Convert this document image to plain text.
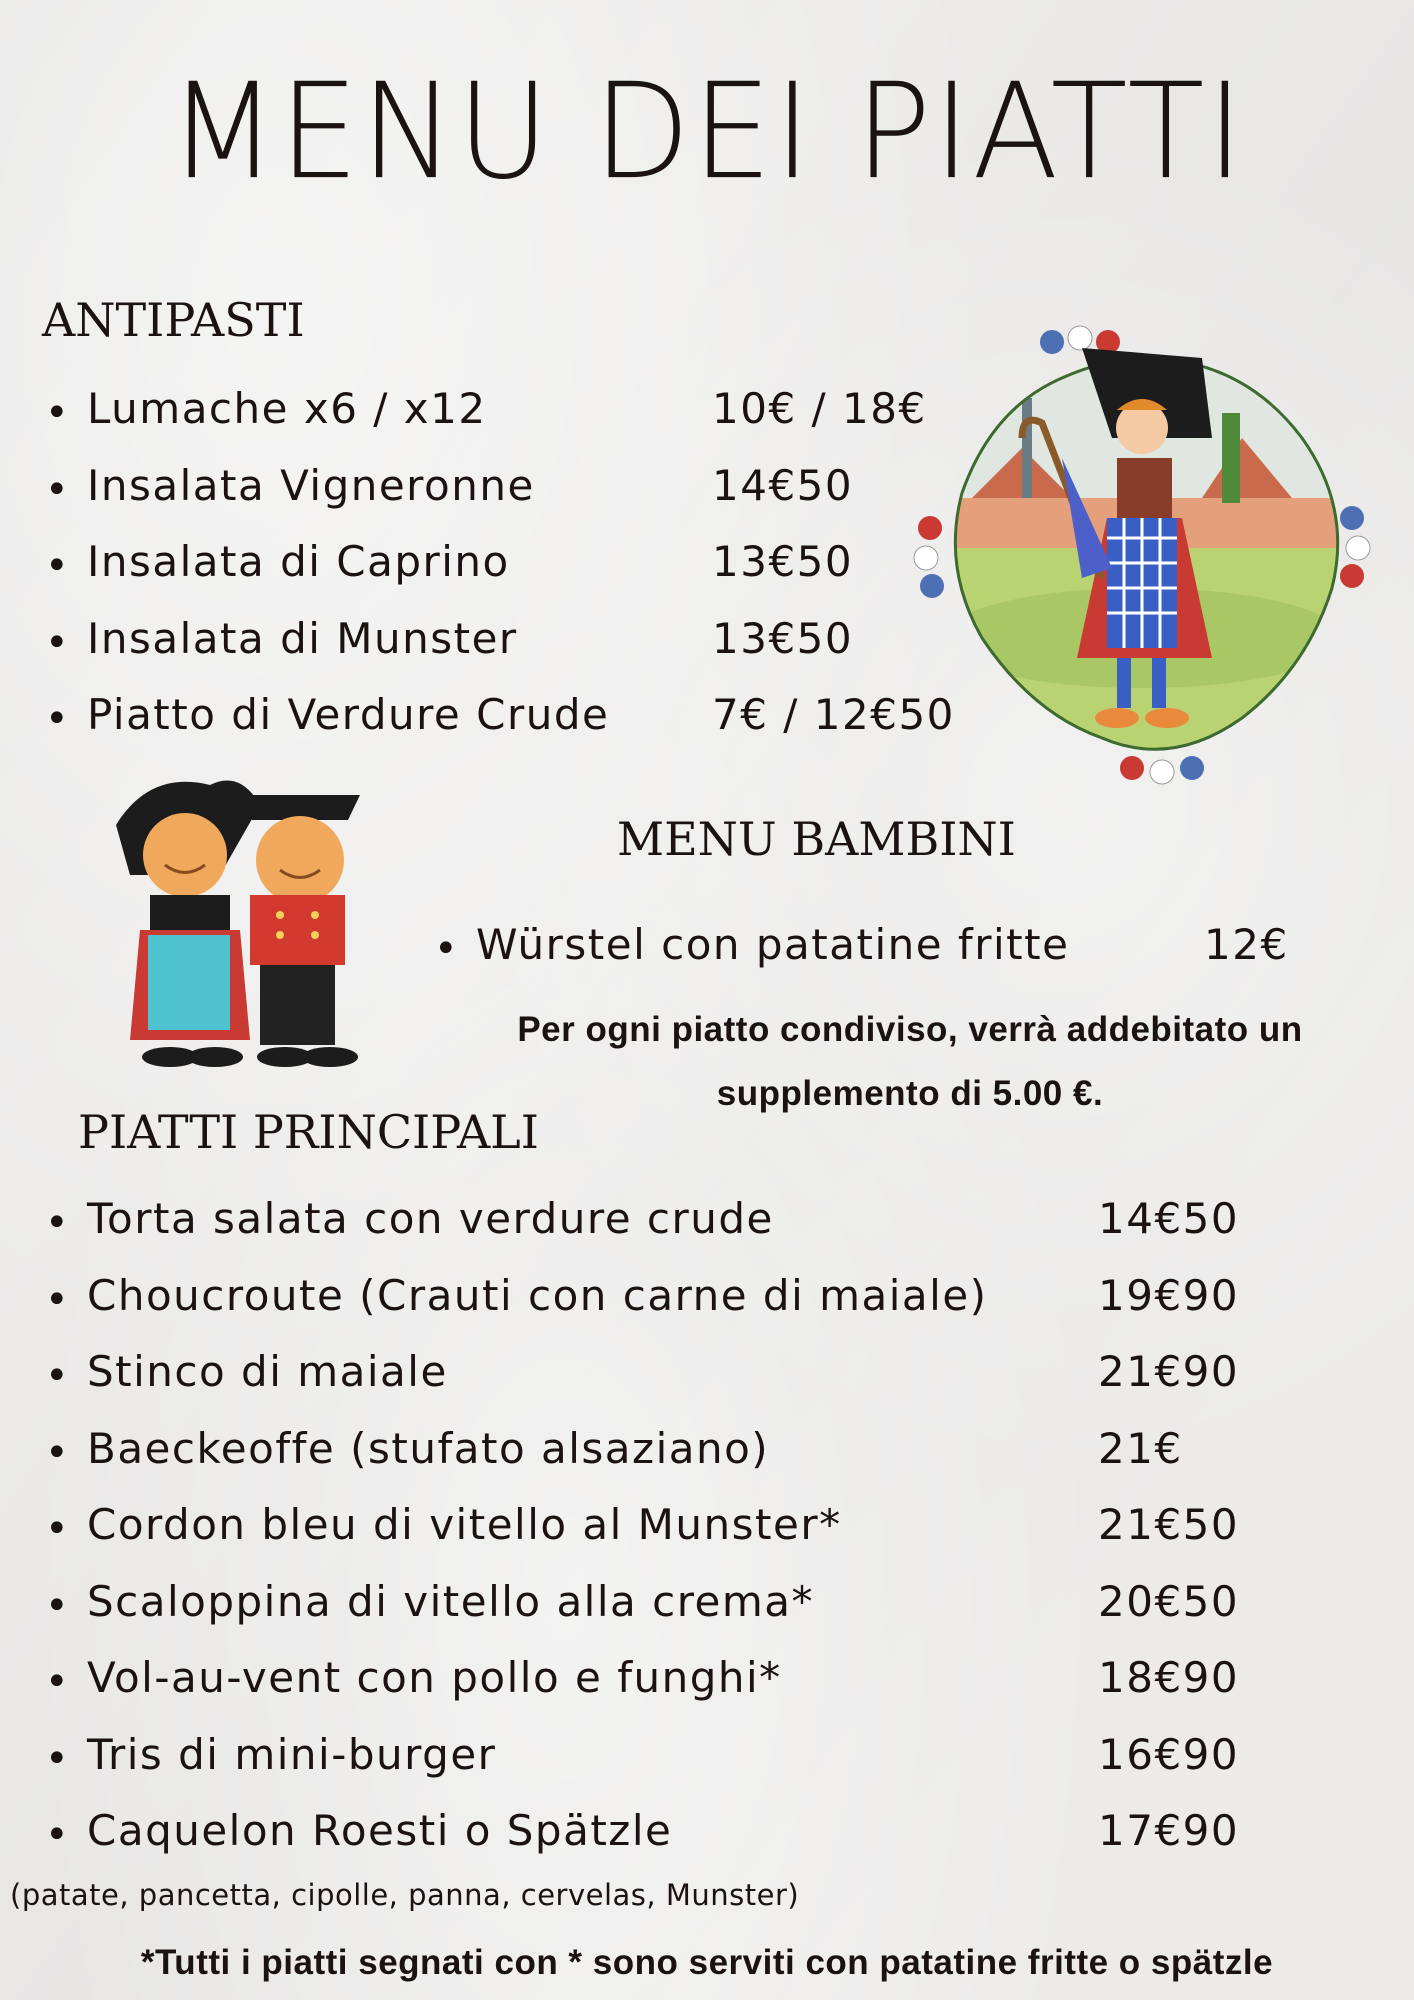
MENU DEI PIATTI
ANTIPASTI
• Lumache x6 / x12	10€ / 18€
• Insalata Vigneronne	14€50
• Insalata di Caprino	13€50
• Insalata di Munster	13€50
• Piatto di Verdure Crude 7€ / 12€50
MENU BAMBINI
• Würstel con patatine fritte	12€

Per ogni piatto condiviso, verrà addebitato un
supplemento di 5.00 €.

PIATTI PRINCIPALI
• Torta salata con verdure crude	14€50
• Choucroute (Crauti con carne di maiale)	19€90
• Stinco di maiale	21€90
• Baeckeoffe (stufato alsaziano)	21€
• Cordon bleu di vitello al Munster*	21€50
• Scaloppina di vitello alla crema*	20€50
• Vol-au-vent con pollo e funghi*	18€90
• Tris di mini-burger	16€90
• Caquelon Roesti o Spätzle	17€90

(patate, pancetta, cipolle, panna, cervelas, Munster)

*Tutti i piatti segnati con * sono serviti con patatine fritte o spätzle
